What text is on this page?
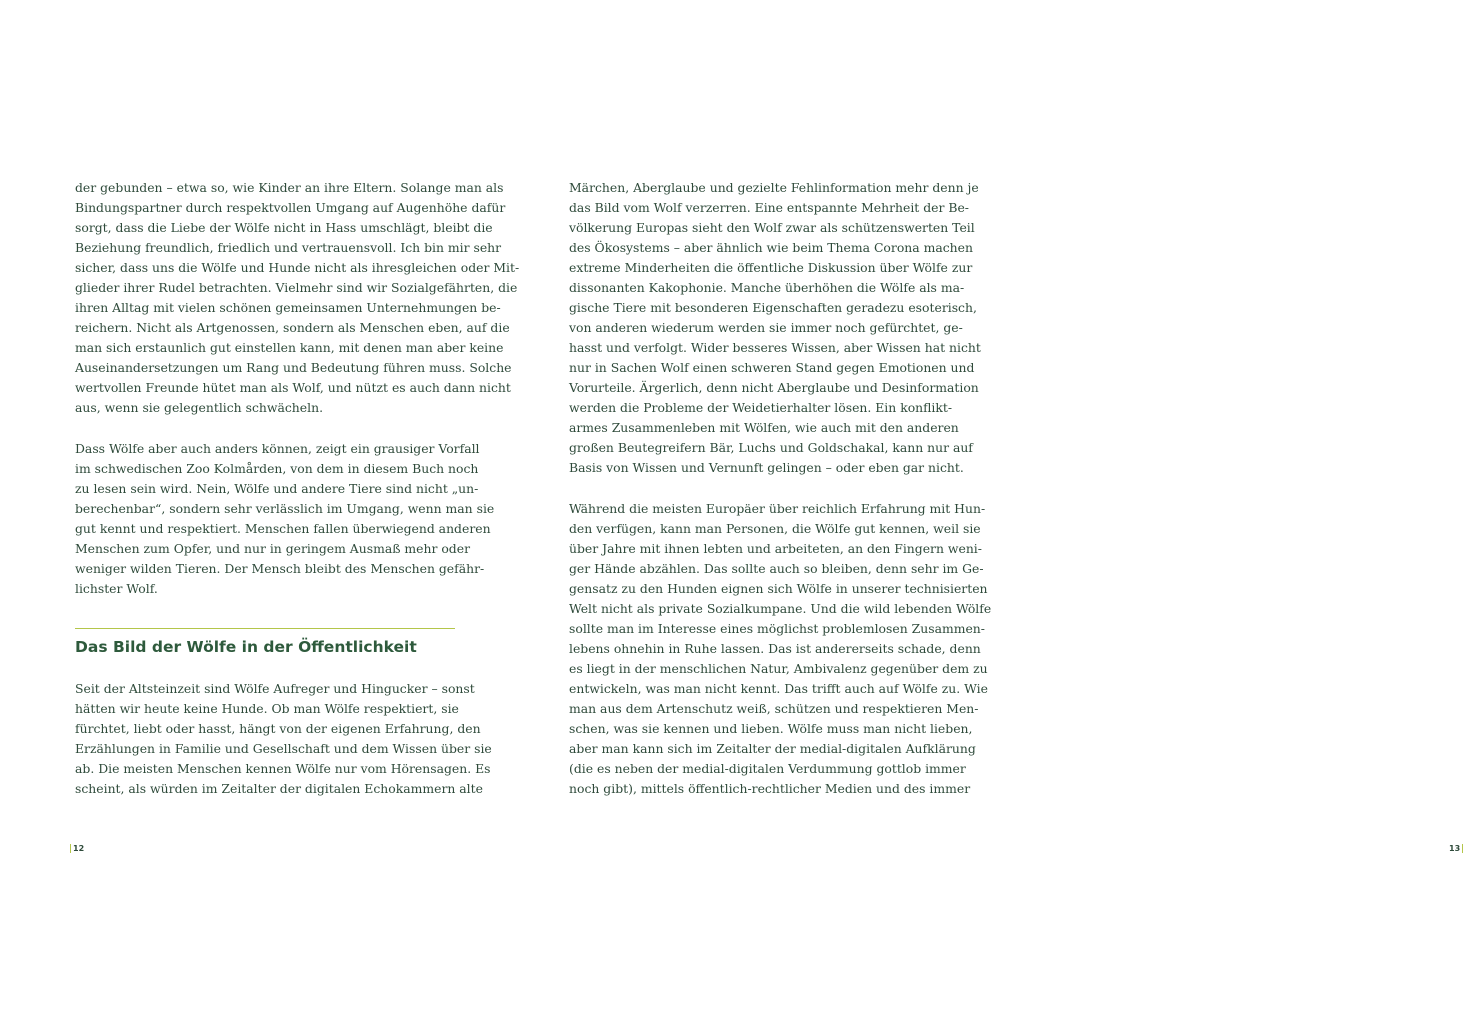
der gebunden – etwa so, wie Kinder an ihre Eltern. Solange man als
Bindungspartner durch respektvollen Umgang auf Augenhöhe dafür
sorgt, dass die Liebe der Wölfe nicht in Hass umschlägt, bleibt die
Beziehung freundlich, friedlich und vertrauensvoll. Ich bin mir sehr
sicher, dass uns die Wölfe und Hunde nicht als ihresgleichen oder Mit-
glieder ihrer Rudel betrachten. Vielmehr sind wir Sozialgefährten, die
ihren Alltag mit vielen schönen gemeinsamen Unternehmungen be-
reichern. Nicht als Artgenossen, sondern als Menschen eben, auf die
man sich erstaunlich gut einstellen kann, mit denen man aber keine
Auseinandersetzungen um Rang und Bedeutung führen muss. Solche
wertvollen Freunde hütet man als Wolf, und nützt es auch dann nicht
aus, wenn sie gelegentlich schwächeln.
Dass Wölfe aber auch anders können, zeigt ein grausiger Vorfall
im schwedischen Zoo Kolmården, von dem in diesem Buch noch
zu lesen sein wird. Nein, Wölfe und andere Tiere sind nicht „un-
berechenbar“, sondern sehr verlässlich im Umgang, wenn man sie
gut kennt und respektiert. Menschen fallen überwiegend anderen
Menschen zum Opfer, und nur in geringem Ausmaß mehr oder
weniger wilden Tieren. Der Mensch bleibt des Menschen gefähr-
lichster Wolf.
Das Bild der Wölfe in der Öffentlichkeit
Seit der Altsteinzeit sind Wölfe Aufreger und Hingucker – sonst
hätten wir heute keine Hunde. Ob man Wölfe respektiert, sie
fürchtet, liebt oder hasst, hängt von der eigenen Erfahrung, den
Erzählungen in Familie und Gesellschaft und dem Wissen über sie
ab. Die meisten Menschen kennen Wölfe nur vom Hörensagen. Es
scheint, als würden im Zeitalter der digitalen Echokammern alte
12
Märchen, Aberglaube und gezielte Fehlinformation mehr denn je
das Bild vom Wolf verzerren. Eine entspannte Mehrheit der Be-
völkerung Europas sieht den Wolf zwar als schützenswerten Teil
des Ökosystems – aber ähnlich wie beim Thema Corona machen
extreme Minderheiten die öffentliche Diskussion über Wölfe zur
dissonanten Kakophonie. Manche überhöhen die Wölfe als ma-
gische Tiere mit besonderen Eigenschaften geradezu esoterisch,
von anderen wiederum werden sie immer noch gefürchtet, ge-
hasst und verfolgt. Wider besseres Wissen, aber Wissen hat nicht
nur in Sachen Wolf einen schweren Stand gegen Emotionen und
Vorurteile. Ärgerlich, denn nicht Aberglaube und Desinformation
werden die Probleme der Weidetierhalter lösen. Ein konflikt-
armes Zusammenleben mit Wölfen, wie auch mit den anderen
großen Beutegreifern Bär, Luchs und Goldschakal, kann nur auf
Basis von Wissen und Vernunft gelingen – oder eben gar nicht.
Während die meisten Europäer über reichlich Erfahrung mit Hun-
den verfügen, kann man Personen, die Wölfe gut kennen, weil sie
über Jahre mit ihnen lebten und arbeiteten, an den Fingern weni-
ger Hände abzählen. Das sollte auch so bleiben, denn sehr im Ge-
gensatz zu den Hunden eignen sich Wölfe in unserer technisierten
Welt nicht als private Sozialkumpane. Und die wild lebenden Wölfe
sollte man im Interesse eines möglichst problemlosen Zusammen-
lebens ohnehin in Ruhe lassen. Das ist andererseits schade, denn
es liegt in der menschlichen Natur, Ambivalenz gegenüber dem zu
entwickeln, was man nicht kennt. Das trifft auch auf Wölfe zu. Wie
man aus dem Artenschutz weiß, schützen und respektieren Men-
schen, was sie kennen und lieben. Wölfe muss man nicht lieben,
aber man kann sich im Zeitalter der medial-digitalen Aufklärung
(die es neben der medial-digitalen Verdummung gottlob immer
noch gibt), mittels öffentlich-rechtlicher Medien und des immer
13
